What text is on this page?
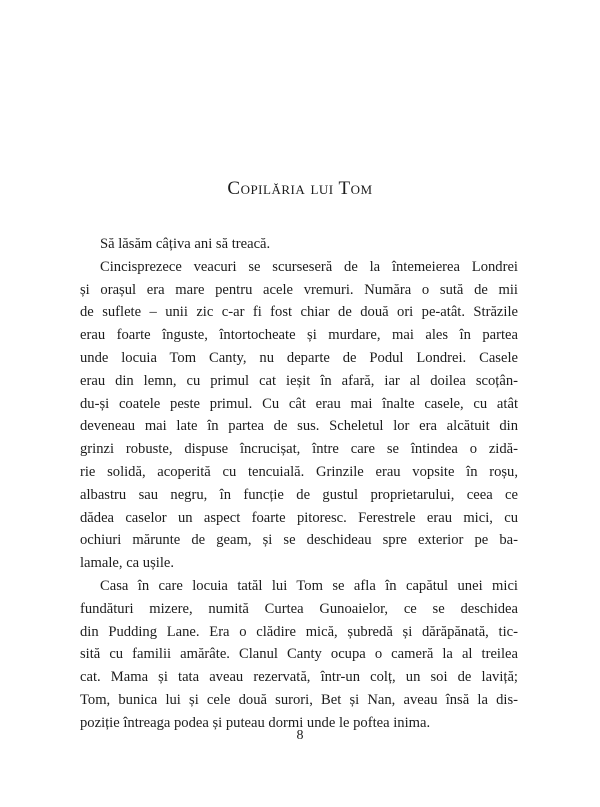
Copilăria lui Tom
Să lăsăm câțiva ani să treacă.
Cincisprezece veacuri se scurseseră de la întemeierea Londrei
și orașul era mare pentru acele vremuri. Număra o sută de mii
de suflete – unii zic c-ar fi fost chiar de două ori pe-atât. Străzile
erau foarte înguste, întortocheate și murdare, mai ales în partea
unde locuia Tom Canty, nu departe de Podul Londrei. Casele
erau din lemn, cu primul cat ieșit în afară, iar al doilea scoțân-
du-și coatele peste primul. Cu cât erau mai înalte casele, cu atât
deveneau mai late în partea de sus. Scheletul lor era alcătuit din
grinzi robuste, dispuse încrucișat, între care se întindea o zidă-
rie solidă, acoperită cu tencuială. Grinzile erau vopsite în roșu,
albastru sau negru, în funcție de gustul proprietarului, ceea ce
dădea caselor un aspect foarte pitoresc. Ferestrele erau mici, cu
ochiuri mărunte de geam, și se deschideau spre exterior pe ba-
lamale, ca ușile.
Casa în care locuia tatăl lui Tom se afla în capătul unei mici
fundături mizere, numită Curtea Gunoaielor, ce se deschidea
din Pudding Lane. Era o clădire mică, șubredă și dărăpănată, tic-
sită cu familii amărâte. Clanul Canty ocupa o cameră la al treilea
cat. Mama și tata aveau rezervată, într-un colț, un soi de laviță;
Tom, bunica lui și cele două surori, Bet și Nan, aveau însă la dis-
poziție întreaga podea și puteau dormi unde le poftea inima.
8
